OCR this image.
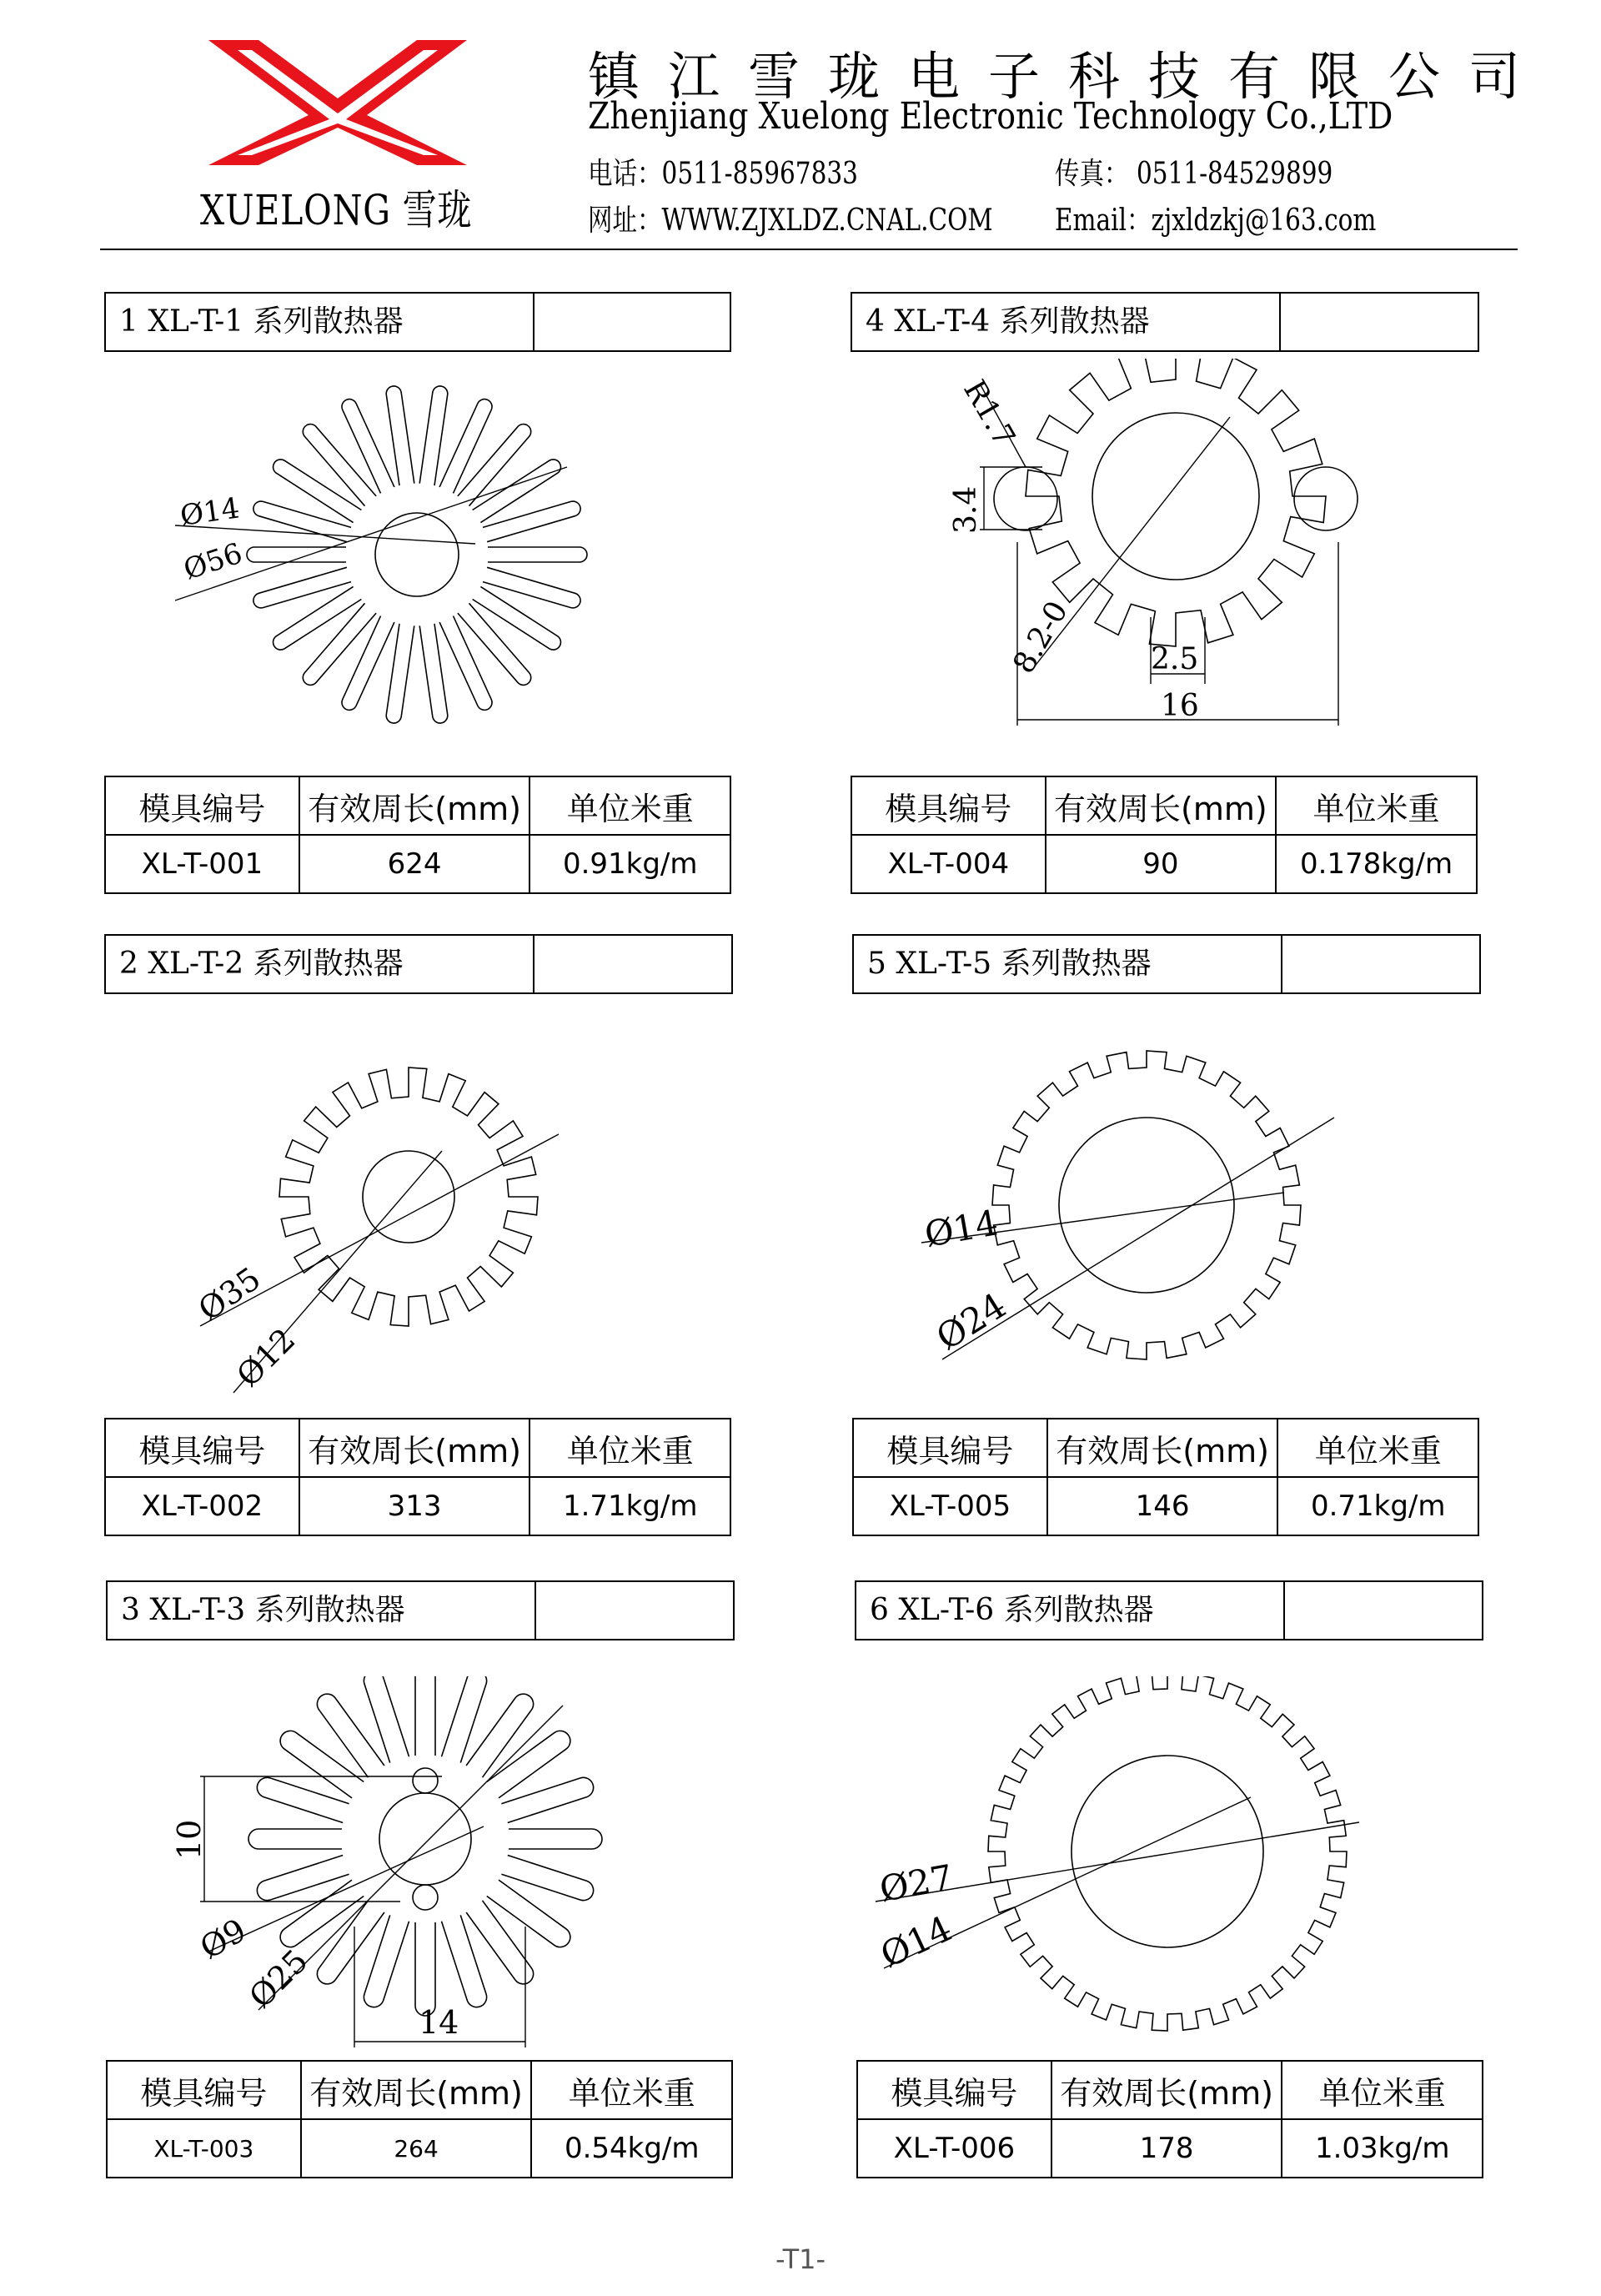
XUELONG 雪珑
镇江雪珑电子科技有限公司
Zhenjiang Xuelong Electronic Technology Co.,LTD
电话：0511-85967833	传真： 0511-84529899
网址：WWW.ZJXLDZ.CNAL.COM Email：zjxldzkj@163.com
1 XL-T-1 系列散热器
Ø56
Ø14
模具编号	有效周长(mm)	单位米重
XL-T-001	624	0.91kg/m
2 XL-T-2 系列散热器
Ø35
Ø12
模具编号	有效周长(mm)	单位米重
XL-T-002	313	1.71kg/m
3 XL-T-3 系列散热器
10
Ø9
Ø25
14
模具编号	有效周长(mm)	单位米重
XL-T-003	264	0.54kg/m
4 XL-T-4 系列散热器
R1.7
3.4
8.2-0	2.5
16
模具编号	有效周长(mm)	单位米重
XL-T-004	90	0.178kg/m
5 XL-T-5 系列散热器
Ø14
Ø24
模具编号	有效周长(mm)	单位米重
XL-T-005	146	0.71kg/m
6 XL-T-6 系列散热器
Ø27
Ø14
模具编号	有效周长(mm)	单位米重
XL-T-006	178	1.03kg/m
-T1-
